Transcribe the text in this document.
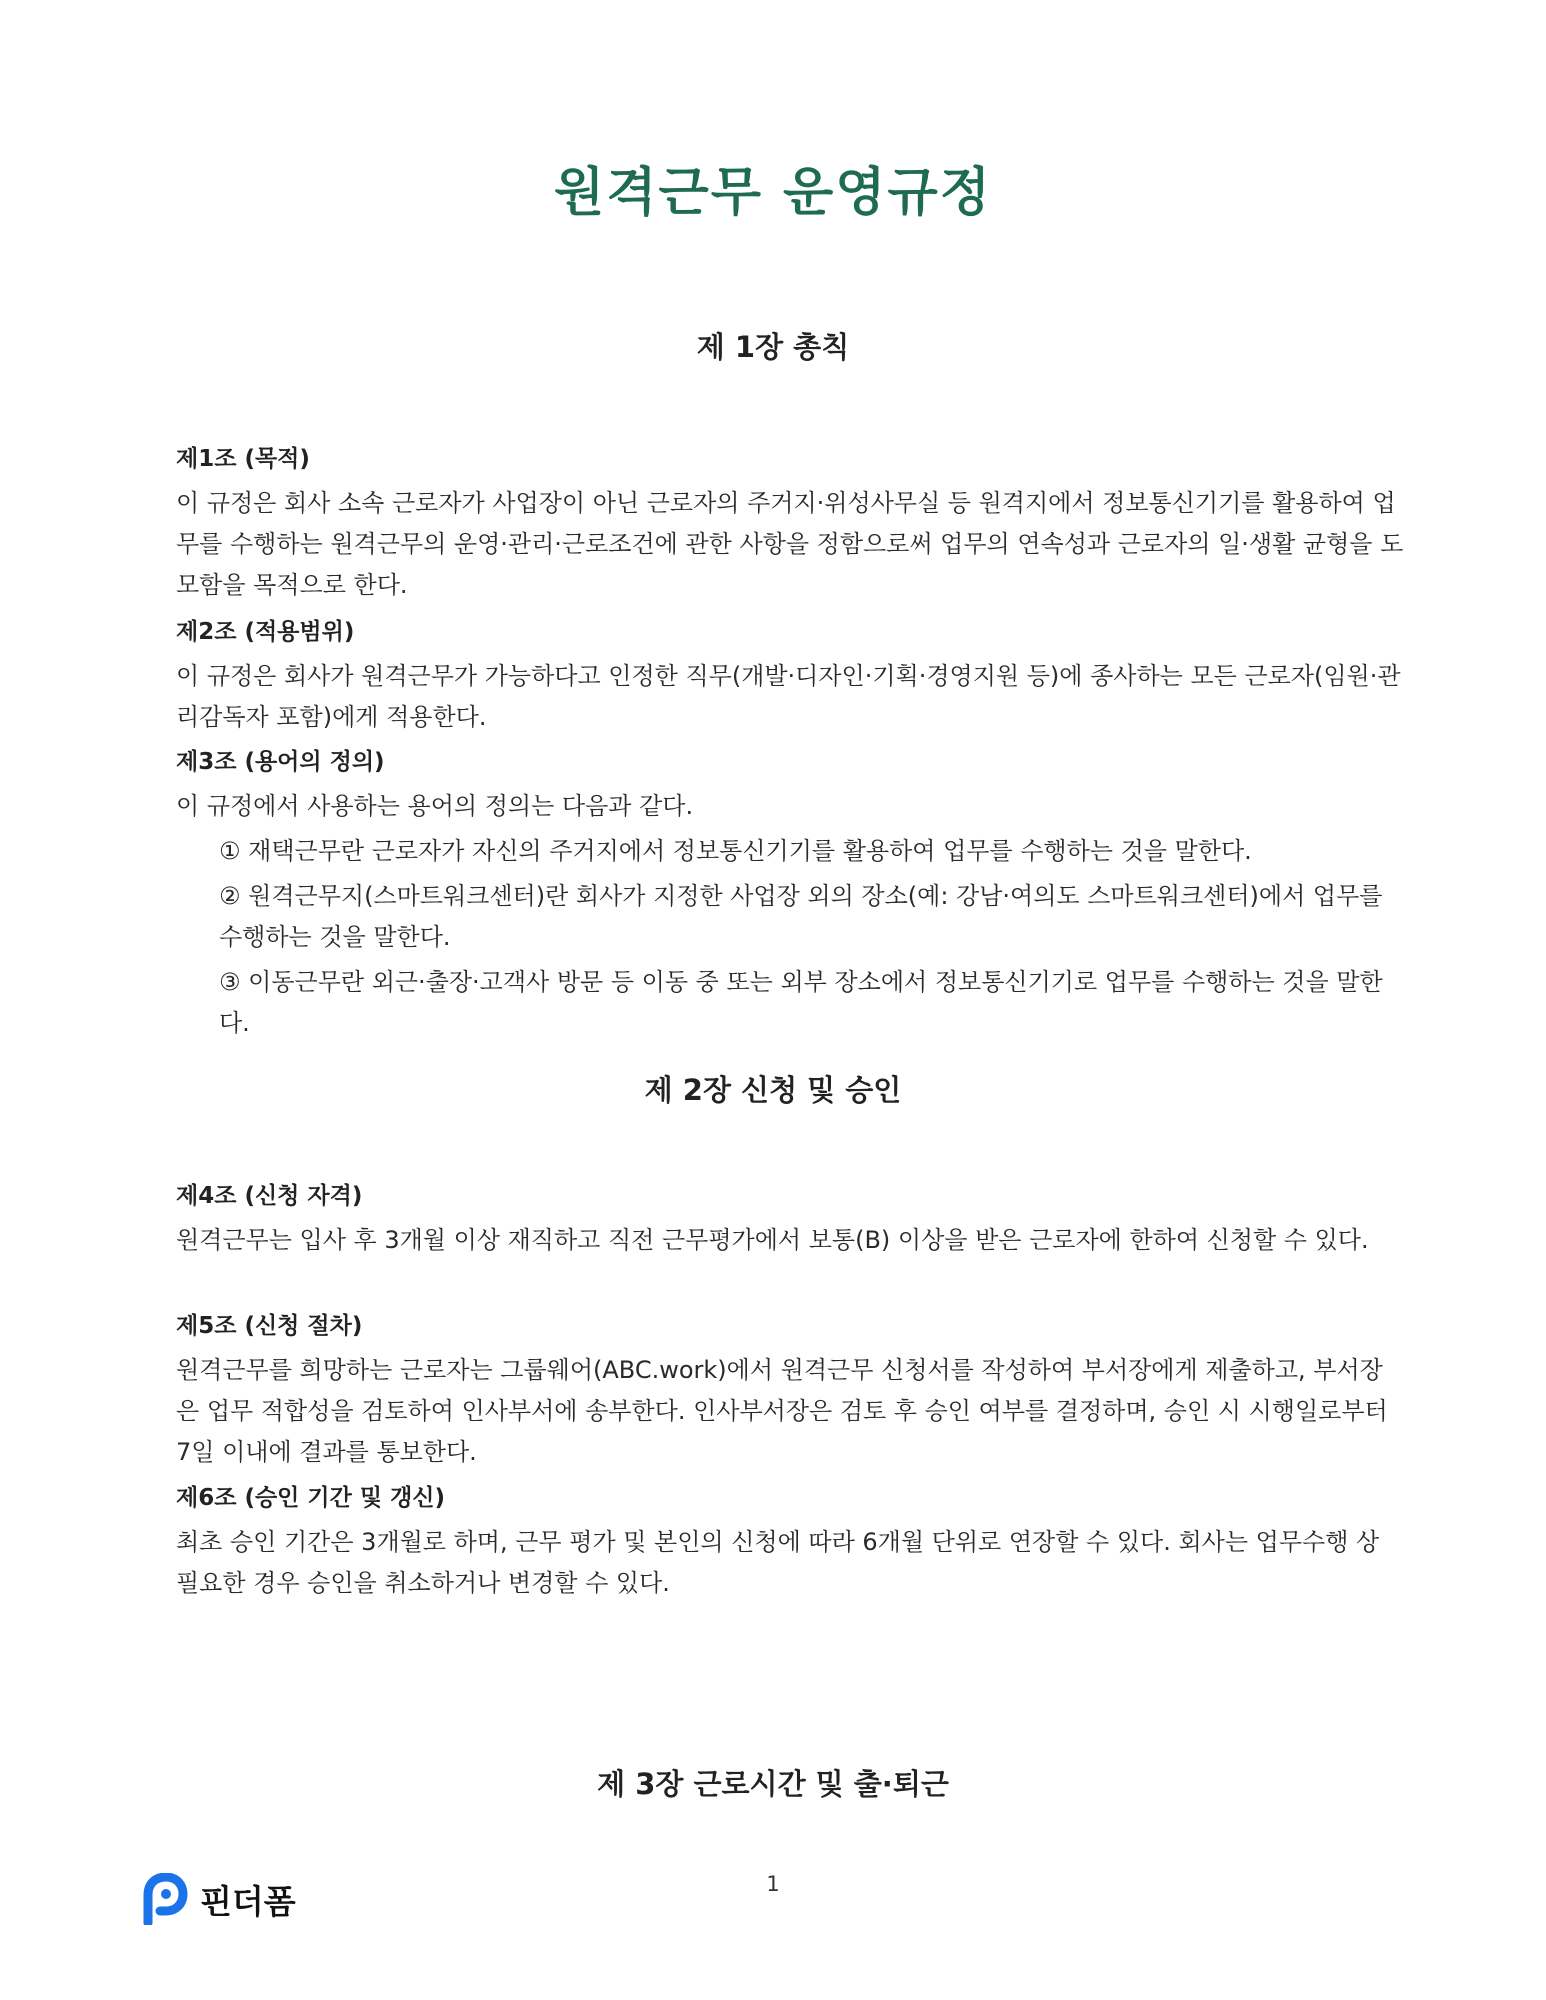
원격근무 운영규정
제 1장 총칙
제1조 (목적)

이 규정은 회사 소속 근로자가 사업장이 아닌 근로자의 주거지·위성사무실 등 원격지에서 정보통신기기를 활용하여 업무를 수행하는 원격근무의 운영·관리·근로조건에 관한 사항을 정함으로써 업무의 연속성과 근로자의 일·생활 균형을 도모함을 목적으로 한다.

제2조 (적용범위)

이 규정은 회사가 원격근무가 가능하다고 인정한 직무(개발·디자인·기획·경영지원 등)에 종사하는 모든 근로자(임원·관리감독자 포함)에게 적용한다.

제3조 (용어의 정의)

이 규정에서 사용하는 용어의 정의는 다음과 같다.

① 재택근무란 근로자가 자신의 주거지에서 정보통신기기를 활용하여 업무를 수행하는 것을 말한다.

② 원격근무지(스마트워크센터)란 회사가 지정한 사업장 외의 장소(예: 강남·여의도 스마트워크센터)에서 업무를 수행하는 것을 말한다.

③ 이동근무란 외근·출장·고객사 방문 등 이동 중 또는 외부 장소에서 정보통신기기로 업무를 수행하는 것을 말한다.

제 2장 신청 및 승인
제4조 (신청 자격)

원격근무는 입사 후 3개월 이상 재직하고 직전 근무평가에서 보통(B) 이상을 받은 근로자에 한하여 신청할 수 있다.

제5조 (신청 절차)

원격근무를 희망하는 근로자는 그룹웨어(ABC.work)에서 원격근무 신청서를 작성하여 부서장에게 제출하고, 부서장은 업무 적합성을 검토하여 인사부서에 송부한다. 인사부서장은 검토 후 승인 여부를 결정하며, 승인 시 시행일로부터 7일 이내에 결과를 통보한다.

제6조 (승인 기간 및 갱신)

최초 승인 기간은 3개월로 하며, 근무 평가 및 본인의 신청에 따라 6개월 단위로 연장할 수 있다. 회사는 업무수행 상 필요한 경우 승인을 취소하거나 변경할 수 있다.

제 3장 근로시간 및 출·퇴근
1
핀더폼
